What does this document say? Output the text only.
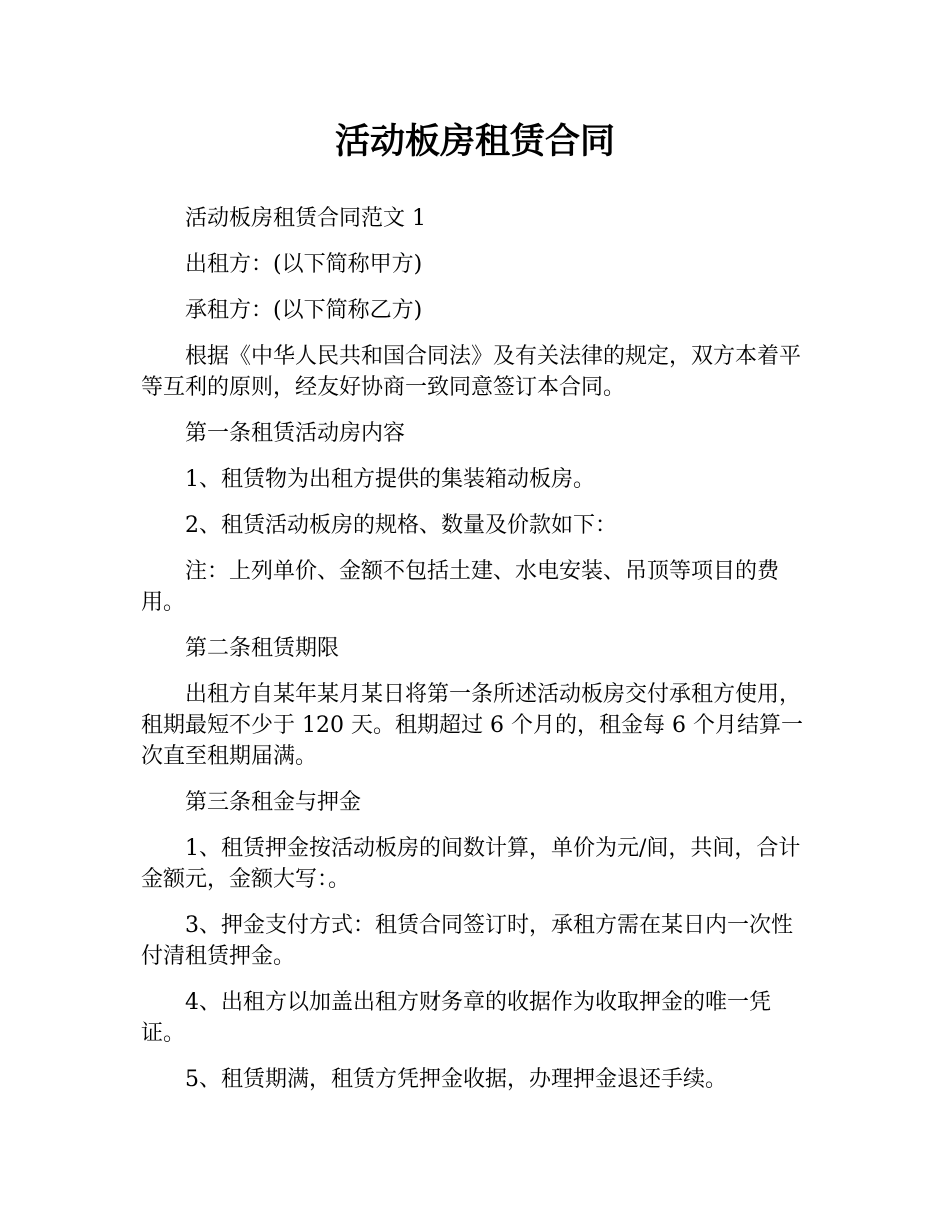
活动板房租赁合同

活动板房租赁合同范文 1

出租方：(以下简称甲方)

承租方：(以下简称乙方)

根据《中华人民共和国合同法》及有关法律的规定，双方本着平等互利的原则，经友好协商一致同意签订本合同。

第一条租赁活动房内容

1、租赁物为出租方提供的集装箱动板房。

2、租赁活动板房的规格、数量及价款如下：

注：上列单价、金额不包括土建、水电安装、吊顶等项目的费用。

第二条租赁期限

出租方自某年某月某日将第一条所述活动板房交付承租方使用，租期最短不少于 120 天。租期超过 6 个月的，租金每 6 个月结算一次直至租期届满。

第三条租金与押金

1、租赁押金按活动板房的间数计算，单价为元/间，共间，合计金额元，金额大写：。

3、押金支付方式：租赁合同签订时，承租方需在某日内一次性付清租赁押金。

4、出租方以加盖出租方财务章的收据作为收取押金的唯一凭证。

5、租赁期满，租赁方凭押金收据，办理押金退还手续。
